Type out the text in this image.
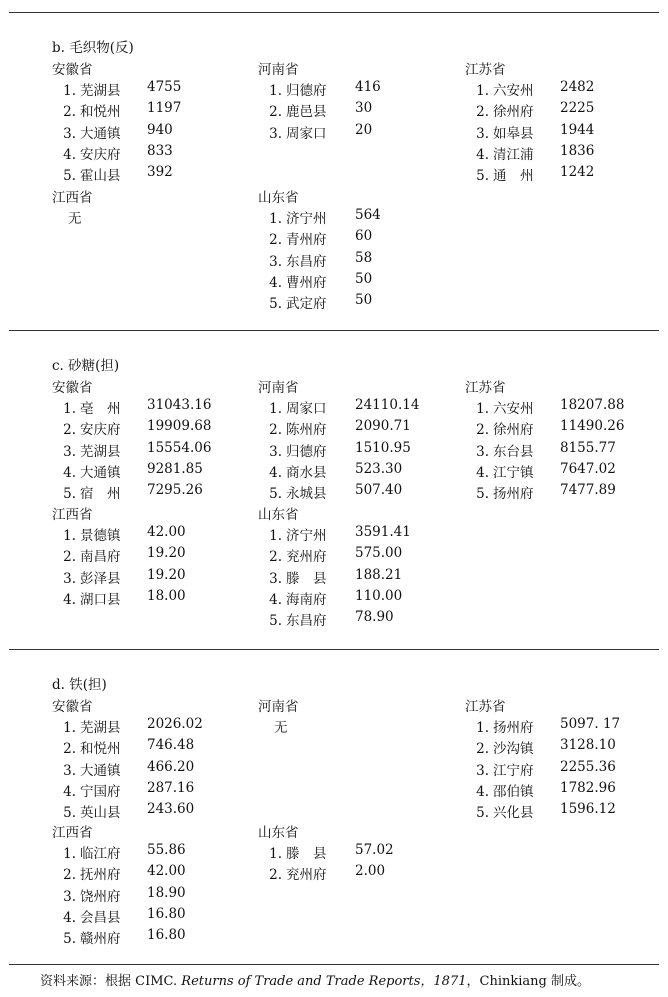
b. 毛织物(反)
安徽省
1. 芜湖县 4755
2. 和悦州 1197
3. 大通镇 940
4. 安庆府 833
5. 霍山县 392
河南省
1. 归德府 416
2. 鹿邑县 30
3. 周家口 20
江苏省
1. 六安州 2482
2. 徐州府 2225
3. 如皋县 1944
4. 清江浦 1836
5. 通　州 1242
江西省
无
山东省
1. 济宁州 564
2. 青州府 60
3. 东昌府 58
4. 曹州府 50
5. 武定府 50
c. 砂糖(担)
安徽省
1. 亳　州 31043.16
2. 安庆府 19909.68
3. 芜湖县 15554.06
4. 大通镇 9281.85
5. 宿　州 7295.26
河南省
1. 周家口 24110.14
2. 陈州府 2090.71
3. 归德府 1510.95
4. 商水县 523.30
5. 永城县 507.40
江苏省
1. 六安州 18207.88
2. 徐州府 11490.26
3. 东台县 8155.77
4. 江宁镇 7647.02
5. 扬州府 7477.89
江西省
1. 景德镇 42.00
2. 南昌府 19.20
3. 彭泽县 19.20
4. 湖口县 18.00
山东省
1. 济宁州 3591.41
2. 兖州府 575.00
3. 滕　县 188.21
4. 海南府 110.00
5. 东昌府 78.90
d. 铁(担)
安徽省
1. 芜湖县 2026.02
2. 和悦州 746.48
3. 大通镇 466.20
4. 宁国府 287.16
5. 英山县 243.60
河南省
无
江苏省
1. 扬州府 5097. 17
2. 沙沟镇 3128.10
3. 江宁府 2255.36
4. 邵伯镇 1782.96
5. 兴化县 1596.12
江西省
1. 临江府 55.86
2. 抚州府 42.00
3. 饶州府 18.90
4. 会昌县 16.80
5. 赣州府 16.80
山东省
1. 滕　县 57.02
2. 兖州府 2.00
资料来源：根据 CIMC. Returns of Trade and Trade Reports，1871，Chinkiang 制成。
